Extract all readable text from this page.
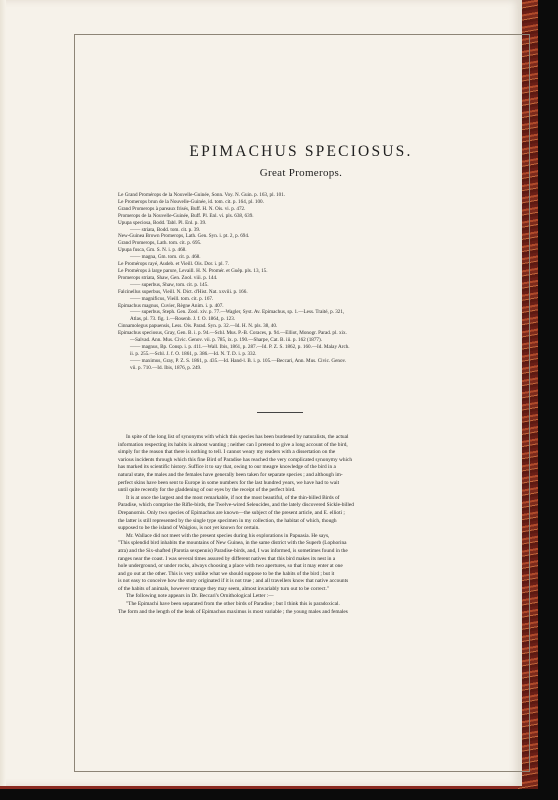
EPIMACHUS SPECIOSUS.
Great Promerops.
Le Grand Promérops de la Nouvelle-Guinée, Sonn. Voy. N. Guin. p. 163, pl. 101.
Le Promerops brun de la Nouvelle-Guinée, id. tom. cit. p. 164, pl. 100.
Grand Promerops à pareaux frisés, Buff. H. N. Ois. vi. p. 472.
Promerops de la Nouvelle-Guinée, Buff. Pl. Enl. vi. pls. 638, 639.
Upupa speciosa, Bodd. Tabl. Pl. Enl. p. 39.
—— striata, Bodd. tom. cit. p. 39.
New-Guinea Brown Promerops, Lath. Gen. Syn. i. pt. 2, p. 694.
Grand Promerops, Lath. tom. cit. p. 695.
Upupa fusca, Gm. S. N. i. p. 468.
—— magna, Gm. tom. cit. p. 468.
Le Promérops rayé, Audeb. et Vieill. Ois. Dor. i. pl. 7.
Le Promérops à large parure, Levaill. H. N. Promér. et Guêp. pls. 13, 15.
Promerops striata, Shaw, Gen. Zool. viii. p. 144.
—— superbus, Shaw, tom. cit. p. 145.
Falcinellus superbus, Vieill. N. Dict. d'Hist. Nat. xxviii. p. 166.
—— magnificus, Vieill. tom. cit. p. 167.
Epimachus magnus, Cuvier, Règne Anim. i. p. 407.
—— superbus, Steph. Gen. Zool. xiv. p. 77.—Wagler, Syst. Av. Epimachus, sp. 1.—Less. Traité, p. 321,
Atlas, pl. 73. fig. 1.—Rosenb. J. f. O. 1864, p. 123.
Cinnamolegus papuensis, Less. Ois. Parad. Syn. p. 32.—Id. H. N. pls. 38, 40.
Epimachus speciosus, Gray, Gen. B. i. p. 94.—Schl. Mus. P.-B. Coraces, p. 94.—Elliot, Monogr. Parad. pl. xix.
—Salvad. Ann. Mus. Civic. Genov. vii. p. 785, ix. p. 190.—Sharpe, Cat. B. iii. p. 162 (1877).
—— magnus, Bp. Consp. i. p. 411.—Wall. Ibis, 1861, p. 287.—Id. P. Z. S. 1862, p. 160.—Id. Malay Arch.
ii. p. 255.—Schl. J. f. O. 1861, p. 386.—Id. N. T. D. i. p. 332.
—— maximus, Gray, P. Z. S. 1861, p. 435.—Id. Hand-l. B. i. p. 105.—Beccari, Ann. Mus. Civic. Genov.
vii. p. 710.—Id. Ibis, 1876, p. 249.
In spite of the long list of synonyms with which this species has been burdened by naturalists, the actual
information respecting its habits is almost wanting ; neither can I pretend to give a long account of the bird,
simply for the reason that there is nothing to tell. I cannot weary my readers with a dissertation on the
various incidents through which this fine Bird of Paradise has reached the very complicated synonymy which
has marked its scientific history. Suffice it to say that, owing to our meagre knowledge of the bird in a
natural state, the males and the females have generally been taken for separate species ; and although im-
perfect skins have been sent to Europe in some numbers for the last hundred years, we have had to wait
until quite recently for the gladdening of our eyes by the receipt of the perfect bird.
It is at once the largest and the most remarkable, if not the most beautiful, of the thin-billed Birds of
Paradise, which comprise the Rifle-birds, the Twelve-wired Seleucides, and the lately discovered Sickle-billed
Drepanornis. Only two species of Epimachus are known—the subject of the present article, and E. ellioti ;
the latter is still represented by the single type specimen in my collection, the habitat of which, though
supposed to be the island of Waigiou, is not yet known for certain.
Mr. Wallace did not meet with the present species during his explorations in Papuasia. He says,
"This splendid bird inhabits the mountains of New Guinea, in the same district with the Superb (Lophorina
atra) and the Six-shafted (Parotia sexpennis) Paradise-birds, and, I was informed, is sometimes found in the
ranges near the coast. I was several times assured by different natives that this bird makes its nest in a
hole underground, or under rocks, always choosing a place with two apertures, so that it may enter at one
and go out at the other. This is very unlike what we should suppose to be the habits of the bird ; but it
is not easy to conceive how the story originated if it is not true ; and all travellers know that native accounts
of the habits of animals, however strange they may seem, almost invariably turn out to be correct."
The following note appears in Dr. Beccari's Ornithological Letter :—
"The Epimachi have been separated from the other birds of Paradise ; but I think this is paradoxical.
The form and the length of the beak of Epimachus maximus is most variable ; the young males and females
